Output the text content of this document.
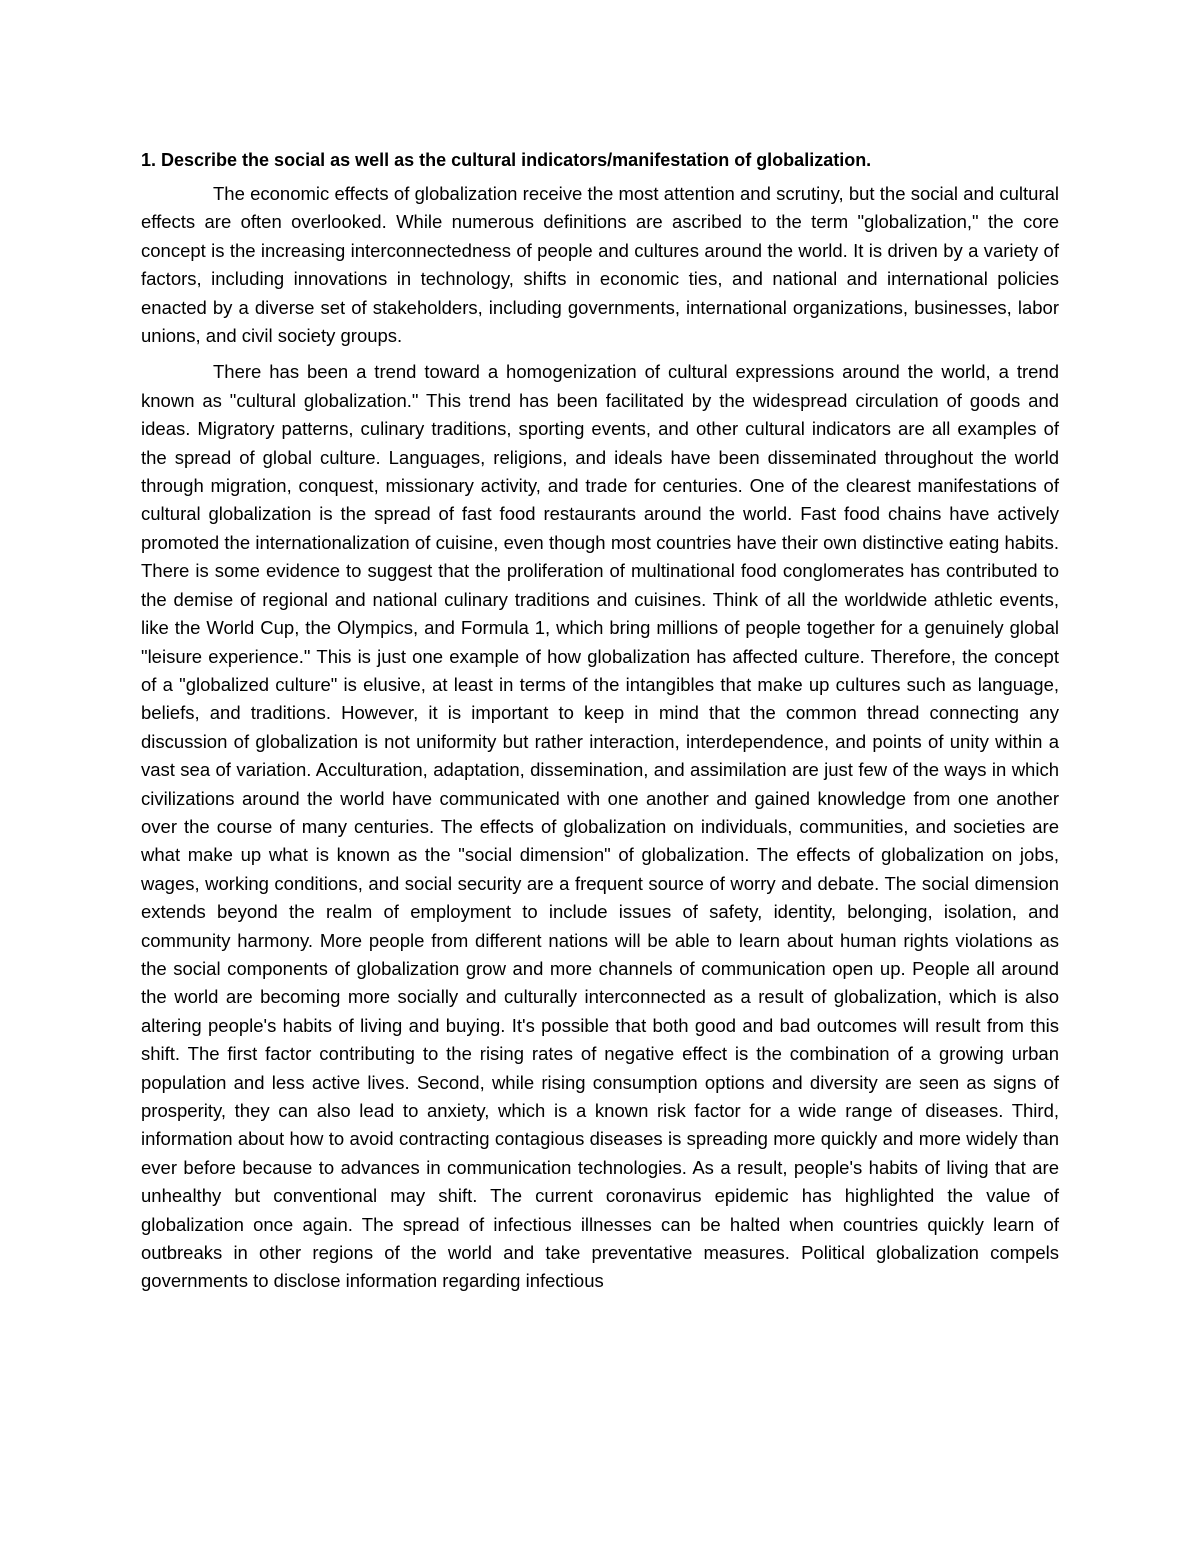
1. Describe the social as well as the cultural indicators/manifestation of globalization.

The economic effects of globalization receive the most attention and scrutiny, but the social and cultural effects are often overlooked. While numerous definitions are ascribed to the term "globalization," the core concept is the increasing interconnectedness of people and cultures around the world. It is driven by a variety of factors, including innovations in technology, shifts in economic ties, and national and international policies enacted by a diverse set of stakeholders, including governments, international organizations, businesses, labor unions, and civil society groups.

There has been a trend toward a homogenization of cultural expressions around the world, a trend known as "cultural globalization." This trend has been facilitated by the widespread circulation of goods and ideas. Migratory patterns, culinary traditions, sporting events, and other cultural indicators are all examples of the spread of global culture. Languages, religions, and ideals have been disseminated throughout the world through migration, conquest, missionary activity, and trade for centuries. One of the clearest manifestations of cultural globalization is the spread of fast food restaurants around the world. Fast food chains have actively promoted the internationalization of cuisine, even though most countries have their own distinctive eating habits. There is some evidence to suggest that the proliferation of multinational food conglomerates has contributed to the demise of regional and national culinary traditions and cuisines. Think of all the worldwide athletic events, like the World Cup, the Olympics, and Formula 1, which bring millions of people together for a genuinely global "leisure experience." This is just one example of how globalization has affected culture. Therefore, the concept of a "globalized culture" is elusive, at least in terms of the intangibles that make up cultures such as language, beliefs, and traditions. However, it is important to keep in mind that the common thread connecting any discussion of globalization is not uniformity but rather interaction, interdependence, and points of unity within a vast sea of variation. Acculturation, adaptation, dissemination, and assimilation are just few of the ways in which civilizations around the world have communicated with one another and gained knowledge from one another over the course of many centuries. The effects of globalization on individuals, communities, and societies are what make up what is known as the "social dimension" of globalization. The effects of globalization on jobs, wages, working conditions, and social security are a frequent source of worry and debate. The social dimension extends beyond the realm of employment to include issues of safety, identity, belonging, isolation, and community harmony. More people from different nations will be able to learn about human rights violations as the social components of globalization grow and more channels of communication open up. People all around the world are becoming more socially and culturally interconnected as a result of globalization, which is also altering people's habits of living and buying. It's possible that both good and bad outcomes will result from this shift. The first factor contributing to the rising rates of negative effect is the combination of a growing urban population and less active lives. Second, while rising consumption options and diversity are seen as signs of prosperity, they can also lead to anxiety, which is a known risk factor for a wide range of diseases. Third, information about how to avoid contracting contagious diseases is spreading more quickly and more widely than ever before because to advances in communication technologies. As a result, people's habits of living that are unhealthy but conventional may shift. The current coronavirus epidemic has highlighted the value of globalization once again. The spread of infectious illnesses can be halted when countries quickly learn of outbreaks in other regions of the world and take preventative measures. Political globalization compels governments to disclose information regarding infectious
